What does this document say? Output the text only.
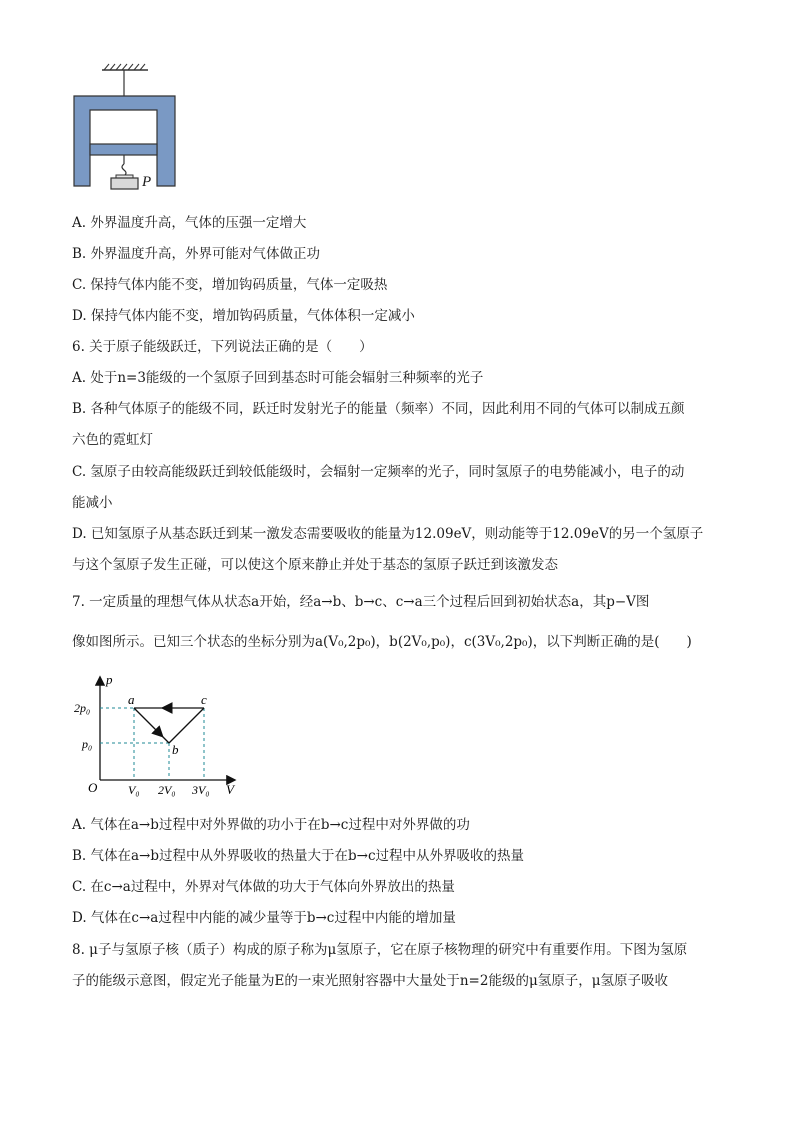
P
A. 外界温度升高，气体的压强一定增大
B. 外界温度升高，外界可能对气体做正功
C. 保持气体内能不变，增加钩码质量，气体一定吸热
D. 保持气体内能不变，增加钩码质量，气体体积一定减小
6. 关于原子能级跃迁，下列说法正确的是（　　）
A. 处于n=3能级的一个氢原子回到基态时可能会辐射三种频率的光子
B. 各种气体原子的能级不同，跃迁时发射光子的能量（频率）不同，因此利用不同的气体可以制成五颜
六色的霓虹灯
C. 氢原子由较高能级跃迁到较低能级时，会辐射一定频率的光子，同时氢原子的电势能减小，电子的动
能减小
D. 已知氢原子从基态跃迁到某一激发态需要吸收的能量为12.09eV，则动能等于12.09eV的另一个氢原子
与这个氢原子发生正碰，可以使这个原来静止并处于基态的氢原子跃迁到该激发态
7. 一定质量的理想气体从状态a开始，经a→b、b→c、c→a三个过程后回到初始状态a，其p−V图
像如图所示。已知三个状态的坐标分别为a(V₀,2p₀)，b(2V₀,p₀)，c(3V₀,2p₀)，以下判断正确的是(　　)
p
V
O
2p₀
p₀
V₀ 2V₀ 3V₀
a
b
c
A. 气体在a→b过程中对外界做的功小于在b→c过程中对外界做的功
B. 气体在a→b过程中从外界吸收的热量大于在b→c过程中从外界吸收的热量
C. 在c→a过程中，外界对气体做的功大于气体向外界放出的热量
D. 气体在c→a过程中内能的减少量等于b→c过程中内能的增加量
8. μ子与氢原子核（质子）构成的原子称为μ氢原子，它在原子核物理的研究中有重要作用。下图为氢原
子的能级示意图，假定光子能量为E的一束光照射容器中大量处于n=2能级的μ氢原子，μ氢原子吸收
